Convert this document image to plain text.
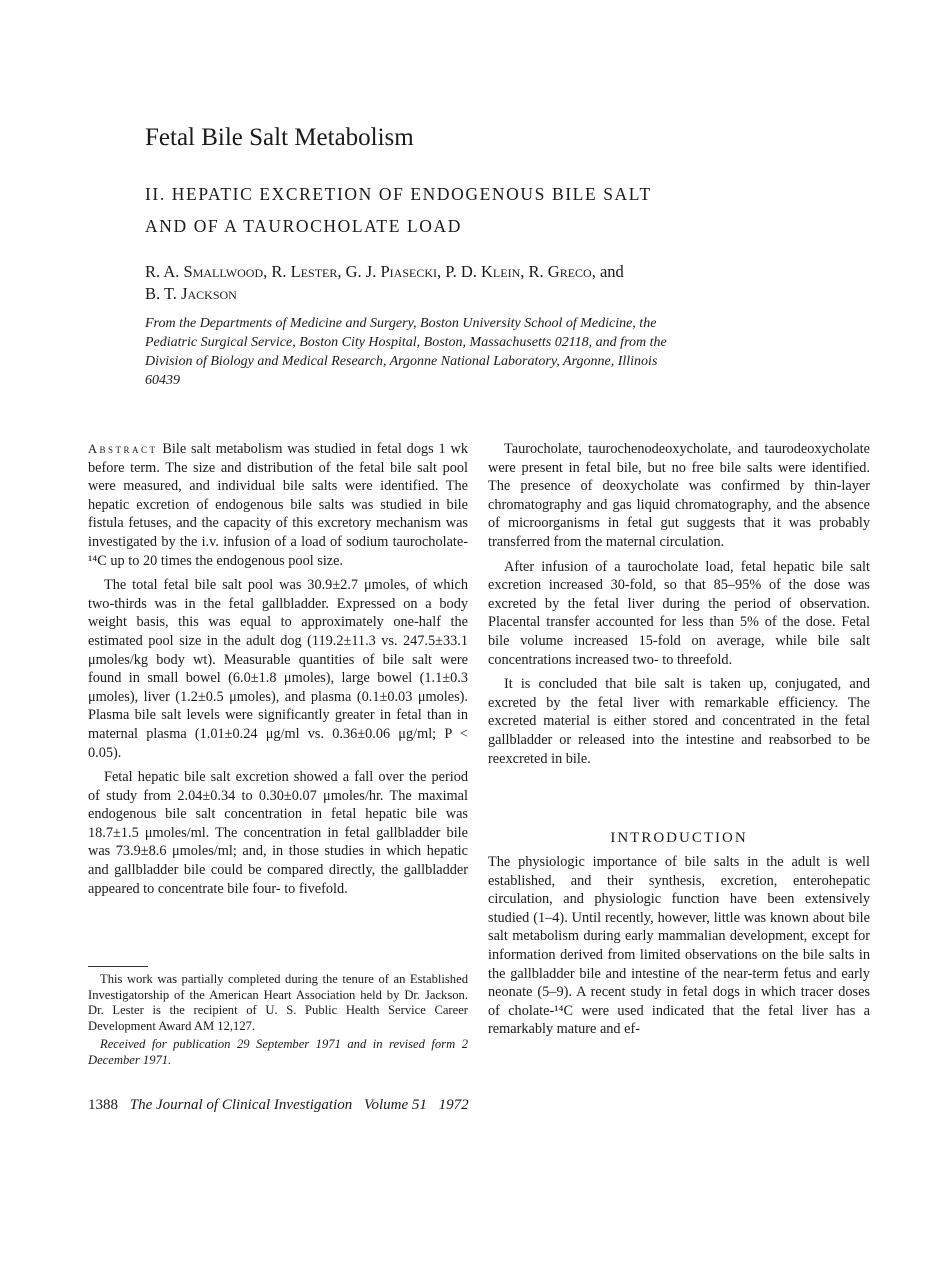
Fetal Bile Salt Metabolism
II. HEPATIC EXCRETION OF ENDOGENOUS BILE SALT
AND OF A TAUROCHOLATE LOAD

R. A. Smallwood, R. Lester, G. J. Piasecki, P. D. Klein, R. Greco, and
B. T. Jackson

From the Departments of Medicine and Surgery, Boston University School of Medicine, the Pediatric Surgical Service, Boston City Hospital, Boston, Massachusetts 02118, and from the Division of Biology and Medical Research, Argonne National Laboratory, Argonne, Illinois 60439

Abstract Bile salt metabolism was studied in fetal dogs 1 wk before term. The size and distribution of the fetal bile salt pool were measured, and individual bile salts were identified. The hepatic excretion of endogenous bile salts was studied in bile fistula fetuses, and the capacity of this excretory mechanism was investigated by the i.v. infusion of a load of sodium taurocholate-¹⁴C up to 20 times the endogenous pool size.

The total fetal bile salt pool was 30.9±2.7 μmoles, of which two-thirds was in the fetal gallbladder. Expressed on a body weight basis, this was equal to approximately one-half the estimated pool size in the adult dog (119.2±11.3 vs. 247.5±33.1 μmoles/kg body wt). Measurable quantities of bile salt were found in small bowel (6.0±1.8 μmoles), large bowel (1.1±0.3 μmoles), liver (1.2±0.5 μmoles), and plasma (0.1±0.03 μmoles). Plasma bile salt levels were significantly greater in fetal than in maternal plasma (1.01±0.24 μg/ml vs. 0.36±0.06 μg/ml; P < 0.05).

Fetal hepatic bile salt excretion showed a fall over the period of study from 2.04±0.34 to 0.30±0.07 μmoles/hr. The maximal endogenous bile salt concentration in fetal hepatic bile was 18.7±1.5 μmoles/ml. The concentration in fetal gallbladder bile was 73.9±8.6 μmoles/ml; and, in those studies in which hepatic and gallbladder bile could be compared directly, the gallbladder appeared to concentrate bile four- to fivefold.

This work was partially completed during the tenure of an Established Investigatorship of the American Heart Association held by Dr. Jackson. Dr. Lester is the recipient of U. S. Public Health Service Career Development Award AM 12,127.

Received for publication 29 September 1971 and in revised form 2 December 1971.

Taurocholate, taurochenodeoxycholate, and taurodeoxycholate were present in fetal bile, but no free bile salts were identified. The presence of deoxycholate was confirmed by thin-layer chromatography and gas liquid chromatography, and the absence of microorganisms in fetal gut suggests that it was probably transferred from the maternal circulation.

After infusion of a taurocholate load, fetal hepatic bile salt excretion increased 30-fold, so that 85–95% of the dose was excreted by the fetal liver during the period of observation. Placental transfer accounted for less than 5% of the dose. Fetal bile volume increased 15-fold on average, while bile salt concentrations increased two- to threefold.

It is concluded that bile salt is taken up, conjugated, and excreted by the fetal liver with remarkable efficiency. The excreted material is either stored and concentrated in the fetal gallbladder or released into the intestine and reabsorbed to be reexcreted in bile.

INTRODUCTION

The physiologic importance of bile salts in the adult is well established, and their synthesis, excretion, enterohepatic circulation, and physiologic function have been extensively studied (1–4). Until recently, however, little was known about bile salt metabolism during early mammalian development, except for information derived from limited observations on the bile salts in the gallbladder bile and intestine of the near-term fetus and early neonate (5–9). A recent study in fetal dogs in which tracer doses of cholate-¹⁴C were used indicated that the fetal liver has a remarkably mature and ef-

1388 The Journal of Clinical Investigation Volume 51 1972
